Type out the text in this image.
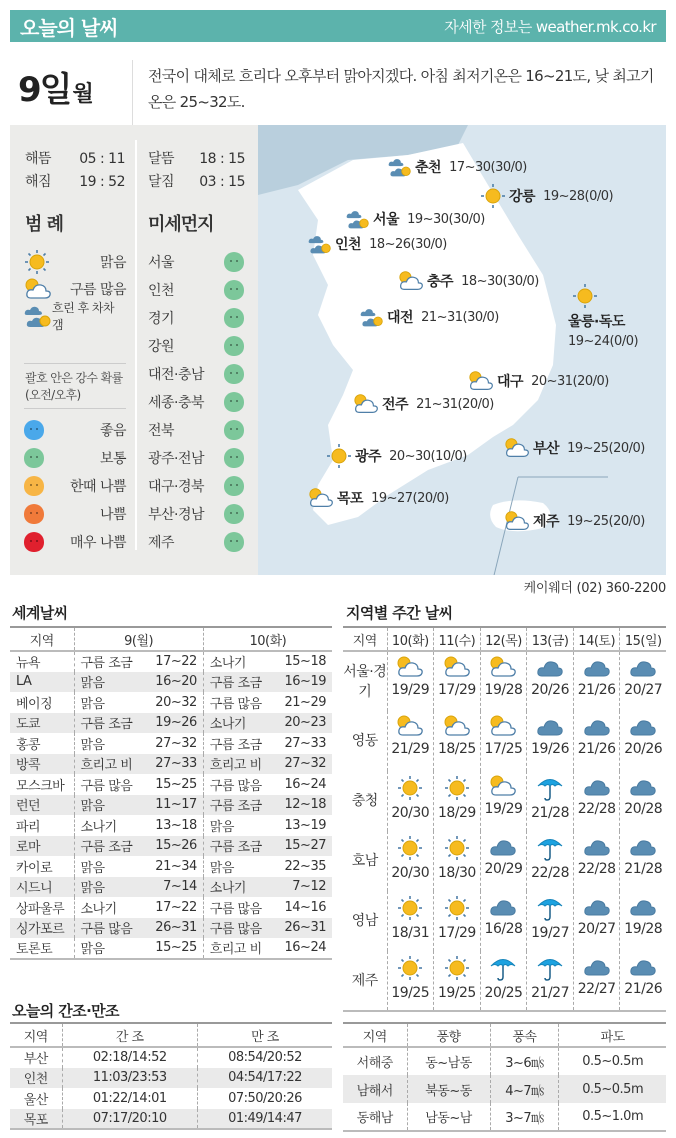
오늘의 날씨	자세한 정보는 weather.mk.co.kr
9일 월
전국이 대체로 흐리다 오후부터 맑아지겠다. 아침 최저기온은 16~21도, 낮 최고기온은 25~32도.
해뜸 05 : 11
해짐 19 : 52
달뜸 18 : 15
달짐 03 : 15
범 례
맑음
구름 많음
흐린 후 차차 갬
괄호 안은 강수 확률 (오전/오후)
좋음
보통
한때 나쁨
나쁨
매우 나쁨
미세먼지
서울
인천
경기
강원
대전·충남
세종·충북
전북
광주·전남
대구·경북
부산·경남
제주
춘천 17~30(30/0)
강릉 19~28(0/0)
서울 19~30(30/0)
인천 18~26(30/0)
충주 18~30(30/0)
대전 21~31(30/0)	울릉·독도
19~24(0/0)
대구 20~31(20/0)
전주 21~31(20/0)
광주 20~30(10/0)	부산 19~25(20/0)
목포 19~27(20/0)
제주 19~25(20/0)
케이웨더 (02) 360-2200
세계날씨
지역	9(월)		10(화)	
뉴욕	구름 조금	17~22	소나기	15~18
LA	맑음	16~20	구름 조금	16~19
베이징	맑음	20~32	구름 많음	21~29
도쿄	구름 조금	19~26	소나기	20~23
홍콩	맑음	27~32	구름 조금	27~33
방콕	흐리고 비	27~33	흐리고 비	27~32
모스크바	구름 많음	15~25	구름 많음	16~24
런던	맑음	11~17	구름 조금	12~18
파리	소나기	13~18	맑음	13~19
로마	구름 조금	15~26	구름 조금	15~27
카이로	맑음	21~34	맑음	22~35
시드니	맑음	7~14	소나기	7~12
상파울루	소나기	17~22	구름 많음	14~16
싱가포르	구름 많음	26~31	구름 많음	26~31
토론토	맑음	15~25	흐리고 비	16~24
지역별 주간 날씨
지역	10(화)	11(수)	12(목)	13(금)	14(토)	15(일)
서울·경기	19/29	17/29	19/28	20/26	21/26	20/27

영동	21/29	18/25	17/25	19/26	21/26	20/26

충청	20/30	18/29	19/29	21/28	22/28	20/28

호남	20/30	18/30	20/29	22/28	22/28	21/28

영남	18/31	17/29	16/28	19/27	20/27	19/28

제주	19/25	19/25	20/25	21/27	22/27	21/26
오늘의 간조·만조
지역	간 조	만 조
부산	02:18/14:52	08:54/20:52
인천	11:03/23:53	04:54/17:22
울산	01:22/14:01	07:50/20:26
목포	07:17/20:10	01:49/14:47
지역	풍향	풍속	파도
서해중	동~남동	3~6㎧	0.5~0.5m
남해서	북동~동	4~7㎧	0.5~0.5m
동해남	남동~남	3~7㎧	0.5~1.0m
